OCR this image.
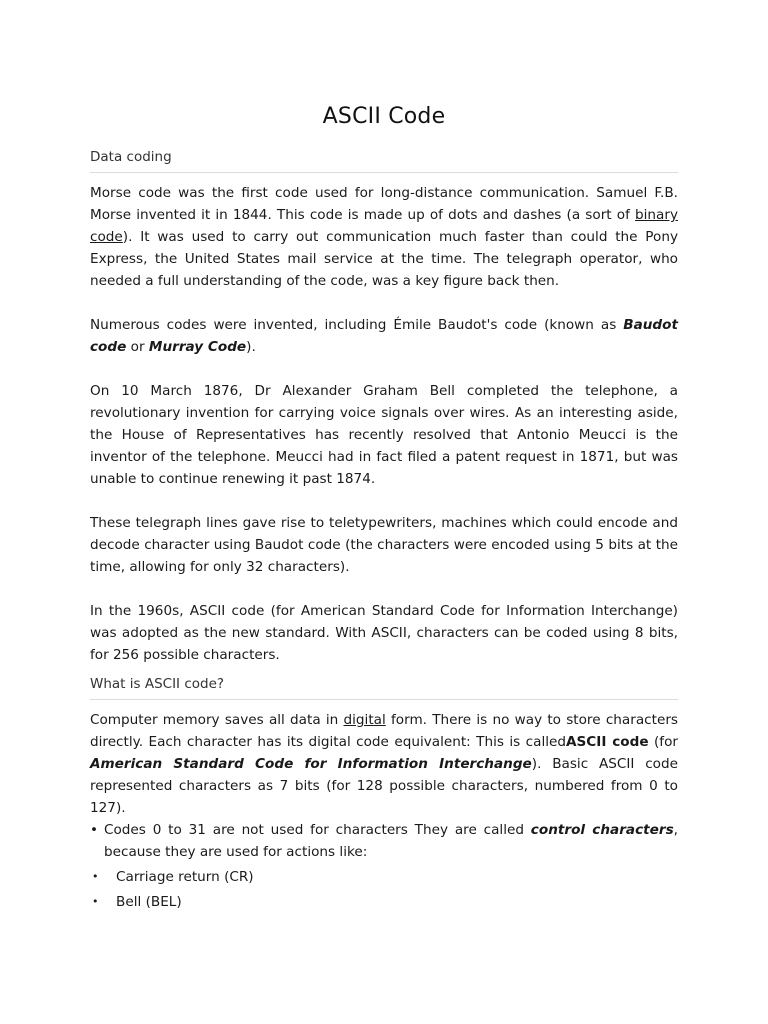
ASCII Code
Data coding

Morse code was the first code used for long-distance communication. Samuel F.B. Morse invented it in 1844. This code is made up of dots and dashes (a sort of binary code). It was used to carry out communication much faster than could the Pony Express, the United States mail service at the time. The telegraph operator, who needed a full understanding of the code, was a key figure back then.

Numerous codes were invented, including Émile Baudot's code (known as Baudot code or Murray Code).

On 10 March 1876, Dr Alexander Graham Bell completed the telephone, a revolutionary invention for carrying voice signals over wires. As an interesting aside, the House of Representatives has recently resolved that Antonio Meucci is the inventor of the telephone. Meucci had in fact filed a patent request in 1871, but was unable to continue renewing it past 1874.

These telegraph lines gave rise to teletypewriters, machines which could encode and decode character using Baudot code (the characters were encoded using 5 bits at the time, allowing for only 32 characters).

In the 1960s, ASCII code (for American Standard Code for Information Interchange) was adopted as the new standard. With ASCII, characters can be coded using 8 bits, for 256 possible characters.

What is ASCII code?

Computer memory saves all data in digital form. There is no way to store characters directly. Each character has its digital code equivalent: This is calledASCII code (for American Standard Code for Information Interchange). Basic ASCII code represented characters as 7 bits (for 128 possible characters, numbered from 0 to 127).

• Codes 0 to 31 are not used for characters They are called control characters, because they are used for actions like:
• Carriage return (CR)
• Bell (BEL)
